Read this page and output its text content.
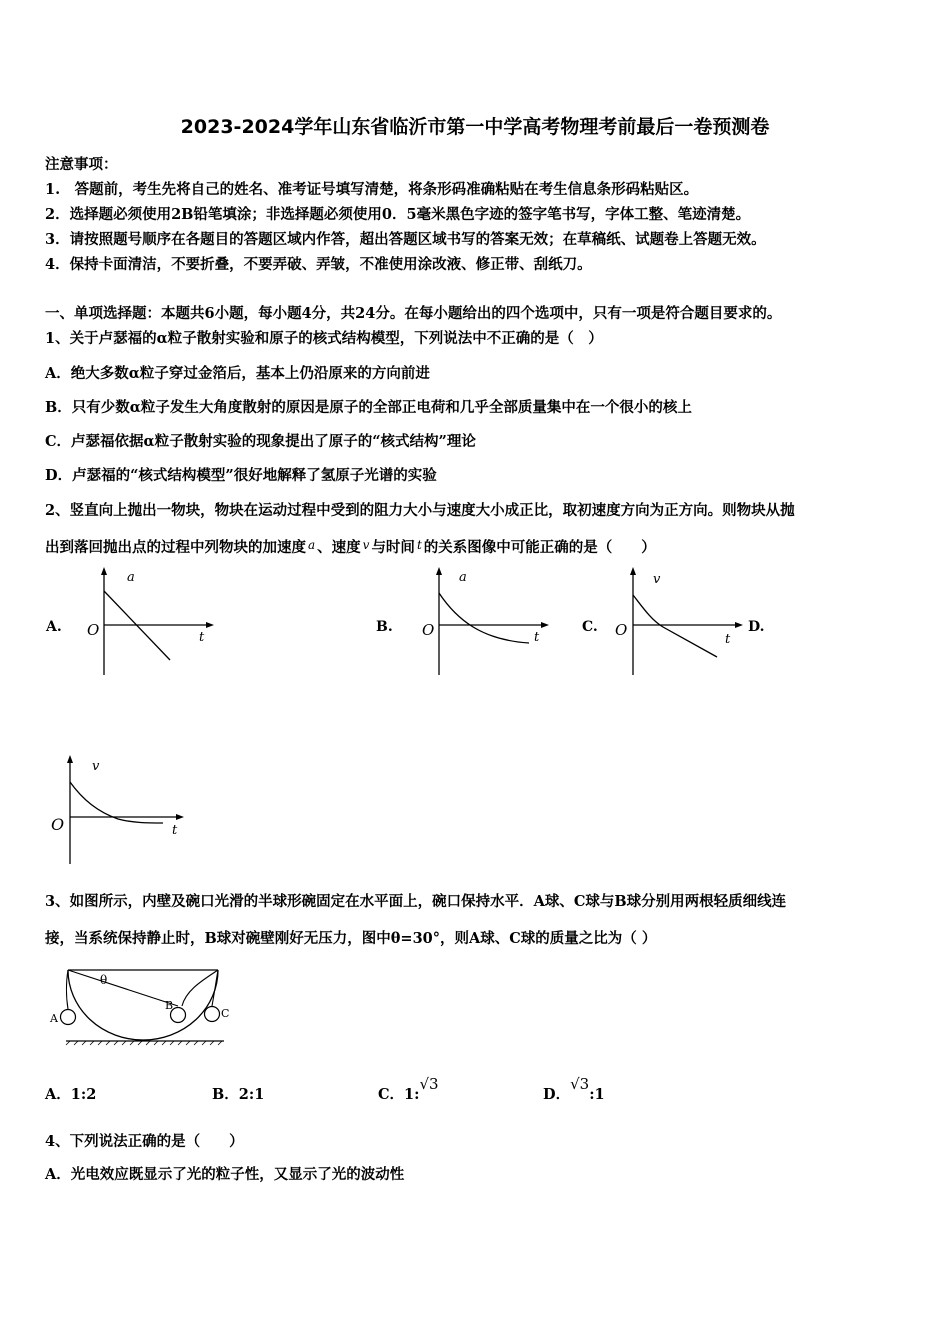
2023-2024学年山东省临沂市第一中学高考物理考前最后一卷预测卷
注意事项：
1.　答题前，考生先将自己的姓名、准考证号填写清楚，将条形码准确粘贴在考生信息条形码粘贴区。
2．选择题必须使用2B铅笔填涂；非选择题必须使用0．5毫米黑色字迹的签字笔书写，字体工整、笔迹清楚。
3．请按照题号顺序在各题目的答题区域内作答，超出答题区域书写的答案无效；在草稿纸、试题卷上答题无效。
4．保持卡面清洁，不要折叠，不要弄破、弄皱，不准使用涂改液、修正带、刮纸刀。
一、单项选择题：本题共6小题，每小题4分，共24分。在每小题给出的四个选项中，只有一项是符合题目要求的。
1、关于卢瑟福的α粒子散射实验和原子的核式结构模型，下列说法中不正确的是（　）
A．绝大多数α粒子穿过金箔后，基本上仍沿原来的方向前进
B．只有少数α粒子发生大角度散射的原因是原子的全部正电荷和几乎全部质量集中在一个很小的核上
C．卢瑟福依据α粒子散射实验的现象提出了原子的“核式结构”理论
D．卢瑟福的“核式结构模型”很好地解释了氢原子光谱的实验
2、竖直向上抛出一物块，物块在运动过程中受到的阻力大小与速度大小成正比，取初速度方向为正方向。则物块从抛
出到落回抛出点的过程中列物块的加速度 $^a$ 、速度 $^v$ 与时间 $^t$ 的关系图像中可能正确的是（　　）
A.	B.	C.	D.
a
t
O
a
t
O
v
t
O
v
t
O
3、如图所示，内壁及碗口光滑的半球形碗固定在水平面上，碗口保持水平．A球、C球与B球分别用两根轻质细线连
接，当系统保持静止时，B球对碗壁刚好无压力，图中θ=30°，则A球、C球的质量之比为（ ）
A
B
C
θ
A．1:2	B．2:1	C．1:√3
D．√3:1
4、下列说法正确的是（　　）
A．光电效应既显示了光的粒子性，又显示了光的波动性
